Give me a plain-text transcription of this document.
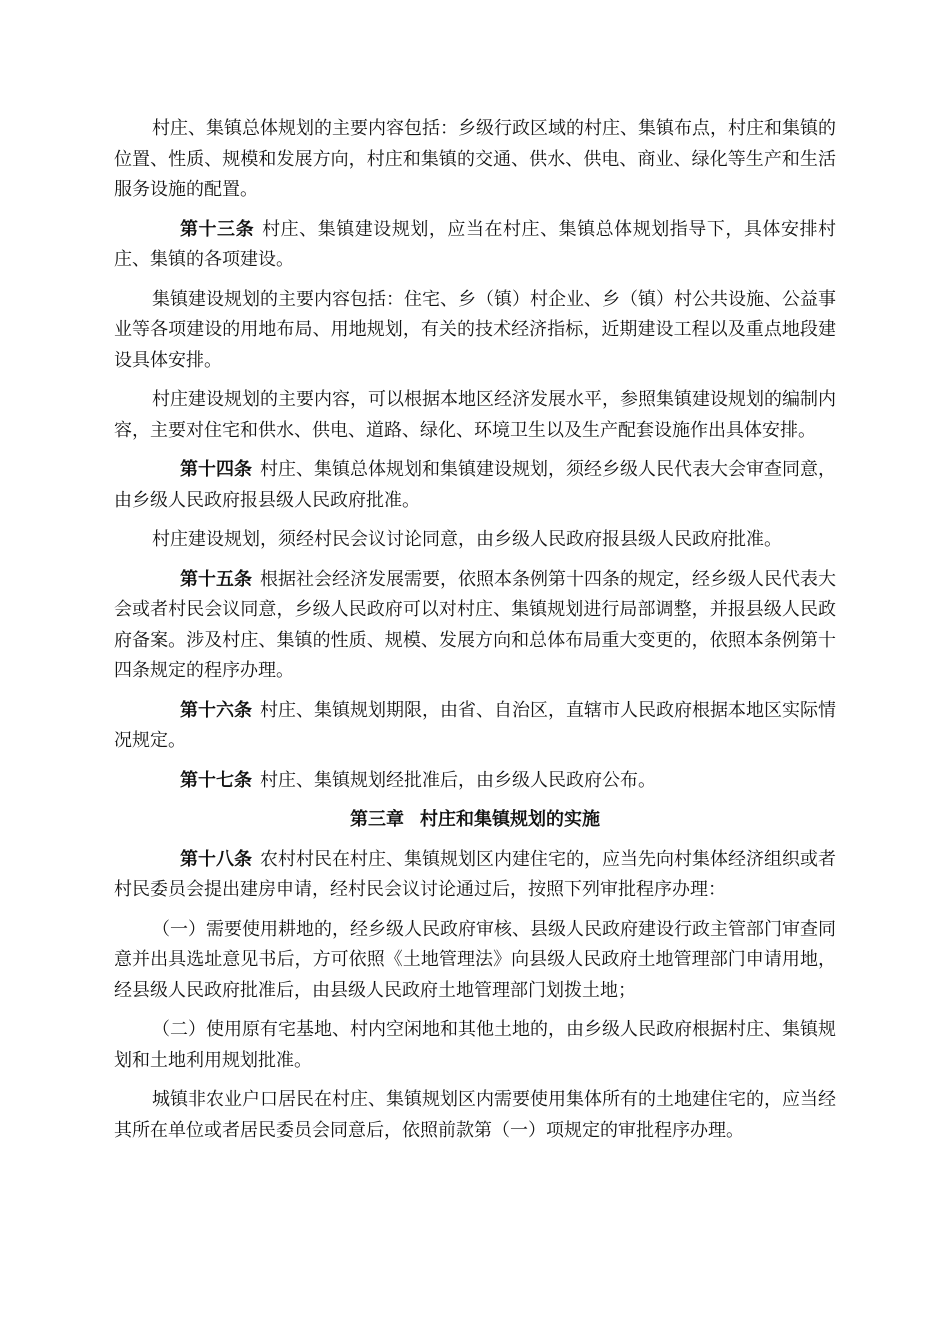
村庄、集镇总体规划的主要内容包括：乡级行政区域的村庄、集镇布点，村庄和集镇的位置、性质、规模和发展方向，村庄和集镇的交通、供水、供电、商业、绿化等生产和生活服务设施的配置。

第十三条 村庄、集镇建设规划，应当在村庄、集镇总体规划指导下，具体安排村庄、集镇的各项建设。

集镇建设规划的主要内容包括：住宅、乡（镇）村企业、乡（镇）村公共设施、公益事业等各项建设的用地布局、用地规划，有关的技术经济指标，近期建设工程以及重点地段建设具体安排。

村庄建设规划的主要内容，可以根据本地区经济发展水平，参照集镇建设规划的编制内容，主要对住宅和供水、供电、道路、绿化、环境卫生以及生产配套设施作出具体安排。

第十四条 村庄、集镇总体规划和集镇建设规划，须经乡级人民代表大会审查同意，由乡级人民政府报县级人民政府批准。

村庄建设规划，须经村民会议讨论同意，由乡级人民政府报县级人民政府批准。

第十五条 根据社会经济发展需要，依照本条例第十四条的规定，经乡级人民代表大会或者村民会议同意，乡级人民政府可以对村庄、集镇规划进行局部调整，并报县级人民政府备案。涉及村庄、集镇的性质、规模、发展方向和总体布局重大变更的，依照本条例第十四条规定的程序办理。

第十六条 村庄、集镇规划期限，由省、自治区，直辖市人民政府根据本地区实际情况规定。

第十七条 村庄、集镇规划经批准后，由乡级人民政府公布。

第三章 村庄和集镇规划的实施

第十八条 农村村民在村庄、集镇规划区内建住宅的，应当先向村集体经济组织或者村民委员会提出建房申请，经村民会议讨论通过后，按照下列审批程序办理：

（一）需要使用耕地的，经乡级人民政府审核、县级人民政府建设行政主管部门审查同意并出具选址意见书后，方可依照《土地管理法》向县级人民政府土地管理部门申请用地，经县级人民政府批准后，由县级人民政府土地管理部门划拨土地；

（二）使用原有宅基地、村内空闲地和其他土地的，由乡级人民政府根据村庄、集镇规划和土地利用规划批准。

城镇非农业户口居民在村庄、集镇规划区内需要使用集体所有的土地建住宅的，应当经其所在单位或者居民委员会同意后，依照前款第（一）项规定的审批程序办理。
